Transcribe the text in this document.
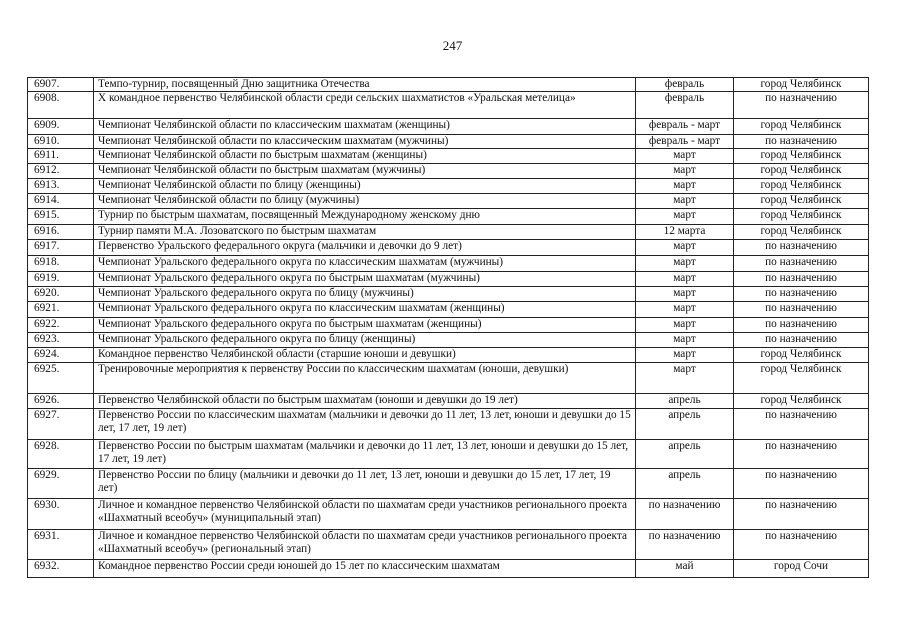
247
6907.	Темпо-турнир, посвященный Дню защитника Отечества	февраль	город Челябинск
6908.	X командное первенство Челябинской области среди сельских шахматистов «Уральская метелица»	февраль	по назначению
6909.	Чемпионат Челябинской области по классическим шахматам (женщины)	февраль - март	город Челябинск
6910.	Чемпионат Челябинской области по классическим шахматам (мужчины)	февраль - март	по назначению
6911.	Чемпионат Челябинской области по быстрым шахматам (женщины)	март	город Челябинск
6912.	Чемпионат Челябинской области по быстрым шахматам (мужчины)	март	город Челябинск
6913.	Чемпионат Челябинской области по блицу (женщины)	март	город Челябинск
6914.	Чемпионат Челябинской области по блицу (мужчины)	март	город Челябинск
6915.	Турнир по быстрым шахматам, посвященный Международному женскому дню	март	город Челябинск
6916.	Турнир памяти М.А. Лозоватского по быстрым шахматам	12 марта	город Челябинск
6917.	Первенство Уральского федерального округа (мальчики и девочки до 9 лет)	март	по назначению
6918.	Чемпионат Уральского федерального округа по классическим шахматам (мужчины)	март	по назначению
6919.	Чемпионат Уральского федерального округа по быстрым шахматам (мужчины)	март	по назначению
6920.	Чемпионат Уральского федерального округа по блицу (мужчины)	март	по назначению
6921.	Чемпионат Уральского федерального округа по классическим шахматам (женщины)	март	по назначению
6922.	Чемпионат Уральского федерального округа по быстрым шахматам (женщины)	март	по назначению
6923.	Чемпионат Уральского федерального округа по блицу (женщины)	март	по назначению
6924.	Командное первенство Челябинской области (старшие юноши и девушки)	март	город Челябинск
6925.	Тренировочные мероприятия к первенству России по классическим шахматам (юноши, девушки)	март	город Челябинск
6926.	Первенство Челябинской области по быстрым шахматам (юноши и девушки до 19 лет)	апрель	город Челябинск
6927.	Первенство России по классическим шахматам (мальчики и девочки до 11 лет, 13 лет, юноши и девушки до 15 лет, 17 лет, 19 лет)	апрель	по назначению
6928.	Первенство России по быстрым шахматам (мальчики и девочки до 11 лет, 13 лет, юноши и девушки до 15 лет, 17 лет, 19 лет)	апрель	по назначению
6929.	Первенство России по блицу (мальчики и девочки до 11 лет, 13 лет, юноши и девушки до 15 лет, 17 лет, 19 лет)	апрель	по назначению
6930.	Личное и командное первенство Челябинской области по шахматам среди участников регионального проекта «Шахматный всеобуч» (муниципальный этап)	по назначению	по назначению
6931.	Личное и командное первенство Челябинской области по шахматам среди участников регионального проекта «Шахматный всеобуч» (региональный этап)	по назначению	по назначению
6932.	Командное первенство России среди юношей до 15 лет по классическим шахматам	май	город Сочи
